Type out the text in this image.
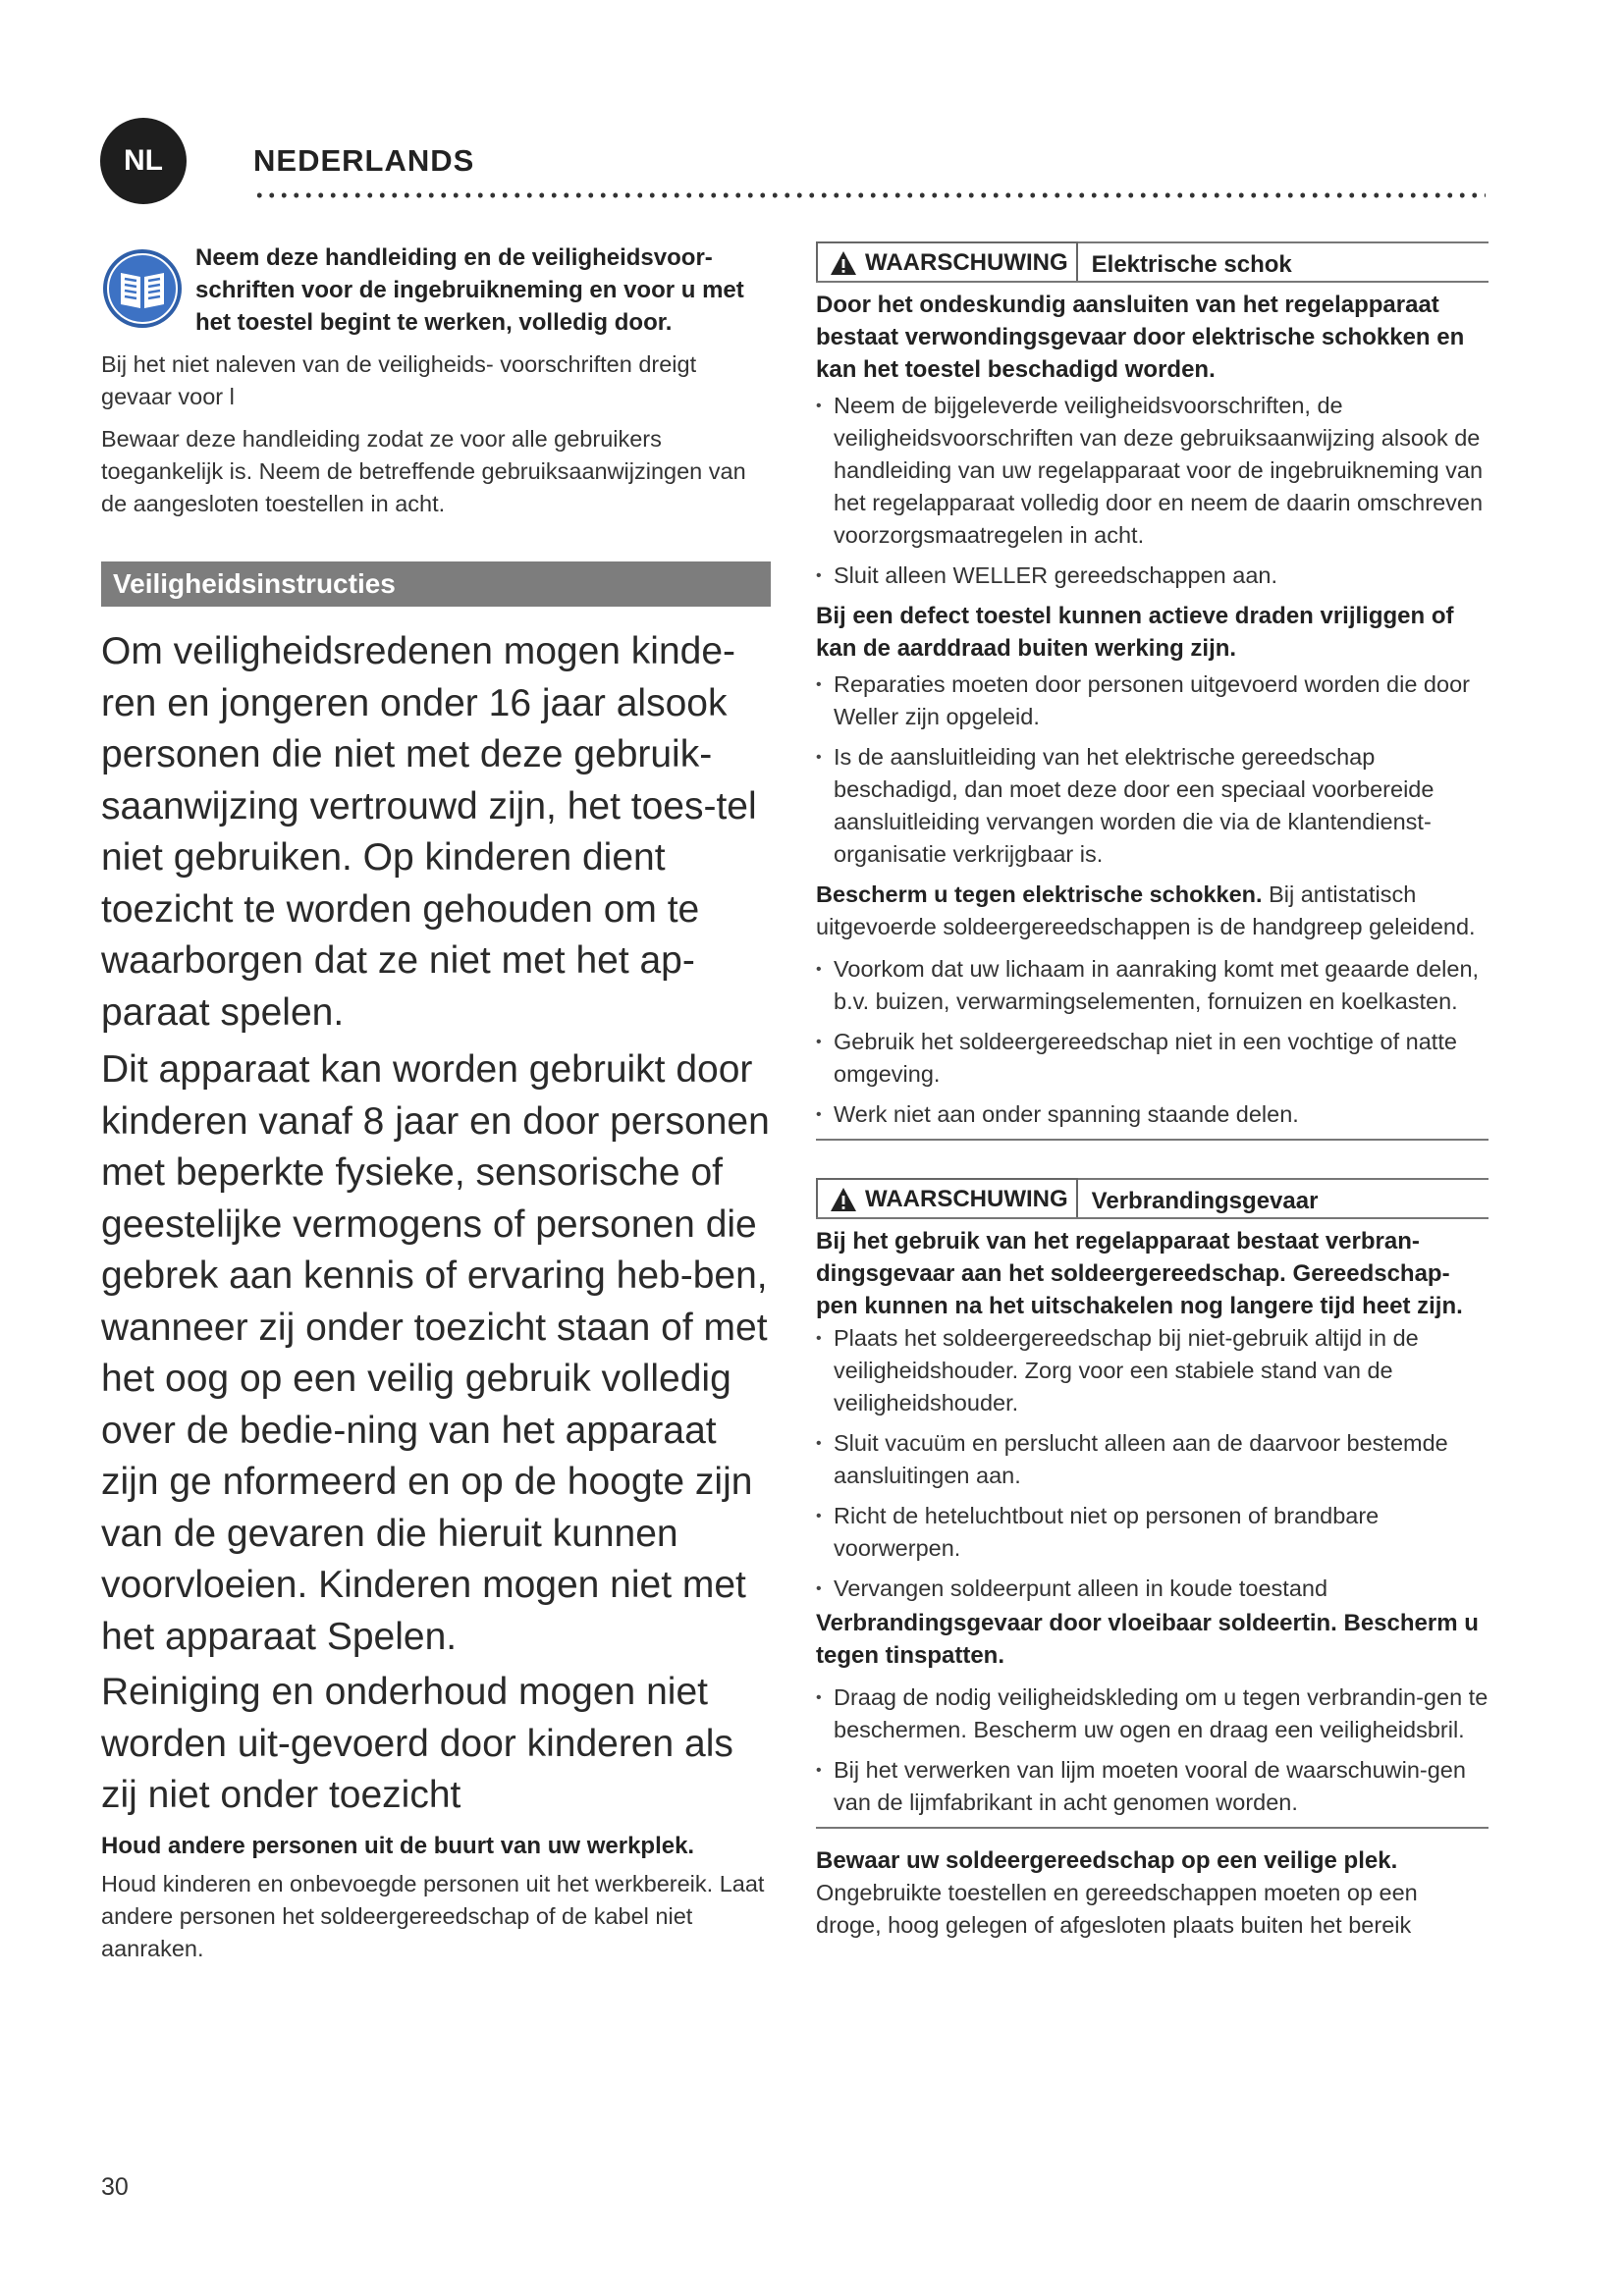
NL	NEDERLANDS

Neem deze handleiding en de veiligheidsvoor-schriften voor de ingebruikneming en voor u met het toestel begint te werken, volledig door.

Bij het niet naleven van de veiligheids- voorschriften dreigt gevaar voor l

Bewaar deze handleiding zodat ze voor alle gebruikers toegankelijk is. Neem de betreffende gebruiksaanwijzingen van de aangesloten toestellen in acht.

Veiligheidsinstructies

Om veiligheidsredenen mogen kinde-ren en jongeren onder 16 jaar alsook personen die niet met deze gebruik-saanwijzing vertrouwd zijn, het toes-tel niet gebruiken. Op kinderen dient toezicht te worden gehouden om te waarborgen dat ze niet met het ap-paraat spelen.

Dit apparaat kan worden gebruikt door kinderen vanaf 8 jaar en door personen met beperkte fysieke, sensorische of geestelijke vermogens of personen die gebrek aan kennis of ervaring heb-ben, wanneer zij onder toezicht staan of met het oog op een veilig gebruik volledig over de bedie-ning van het apparaat zijn ge nformeerd en op de hoogte zijn van de gevaren die hieruit kunnen voorvloeien. Kinderen mogen niet met het apparaat Spelen.

Reiniging en onderhoud mogen niet worden uit-gevoerd door kinderen als zij niet onder toezicht

Houd andere personen uit de buurt van uw werkplek.

Houd kinderen en onbevoegde personen uit het werkbereik. Laat andere personen het soldeergereedschap of de kabel niet aanraken.

WAARSCHUWING	Elektrische schok

Door het ondeskundig aansluiten van het regelapparaat bestaat verwondingsgevaar door elektrische schokken en kan het toestel beschadigd worden.

• Neem de bijgeleverde veiligheidsvoorschriften, de veiligheidsvoorschriften van deze gebruiksaanwijzing alsook de handleiding van uw regelapparaat voor de ingebruikneming van het regelapparaat volledig door en neem de daarin omschreven voorzorgsmaatregelen in acht.
• Sluit alleen WELLER gereedschappen aan.

Bij een defect toestel kunnen actieve draden vrijliggen of kan de aarddraad buiten werking zijn.

• Reparaties moeten door personen uitgevoerd worden die door Weller zijn opgeleid.
• Is de aansluitleiding van het elektrische gereedschap beschadigd, dan moet deze door een speciaal voorbereide aansluitleiding vervangen worden die via de klantendienst-organisatie verkrijgbaar is.

Bescherm u tegen elektrische schokken. Bij antistatisch uitgevoerde soldeergereedschappen is de handgreep geleidend.

• Voorkom dat uw lichaam in aanraking komt met geaarde delen, b.v. buizen, verwarmingselementen, fornuizen en koelkasten.
• Gebruik het soldeergereedschap niet in een vochtige of natte omgeving.
• Werk niet aan onder spanning staande delen.
WAARSCHUWING	Verbrandingsgevaar

Bij het gebruik van het regelapparaat bestaat verbran-dingsgevaar aan het soldeergereedschap. Gereedschap-pen kunnen na het uitschakelen nog langere tijd heet zijn.

• Plaats het soldeergereedschap bij niet-gebruik altijd in de veiligheidshouder. Zorg voor een stabiele stand van de veiligheidshouder.
• Sluit vacuüm en perslucht alleen aan de daarvoor bestemde aansluitingen aan.
• Richt de heteluchtbout niet op personen of brandbare voorwerpen.
• Vervangen soldeerpunt alleen in koude toestand

Verbrandingsgevaar door vloeibaar soldeertin. Bescherm u tegen tinspatten.

• Draag de nodig veiligheidskleding om u tegen verbrandin-gen te beschermen. Bescherm uw ogen en draag een veiligheidsbril.
• Bij het verwerken van lijm moeten vooral de waarschuwin-gen van de lijmfabrikant in acht genomen worden.

Bewaar uw soldeergereedschap op een veilige plek.

Ongebruikte toestellen en gereedschappen moeten op een droge, hoog gelegen of afgesloten plaats buiten het bereik

30
